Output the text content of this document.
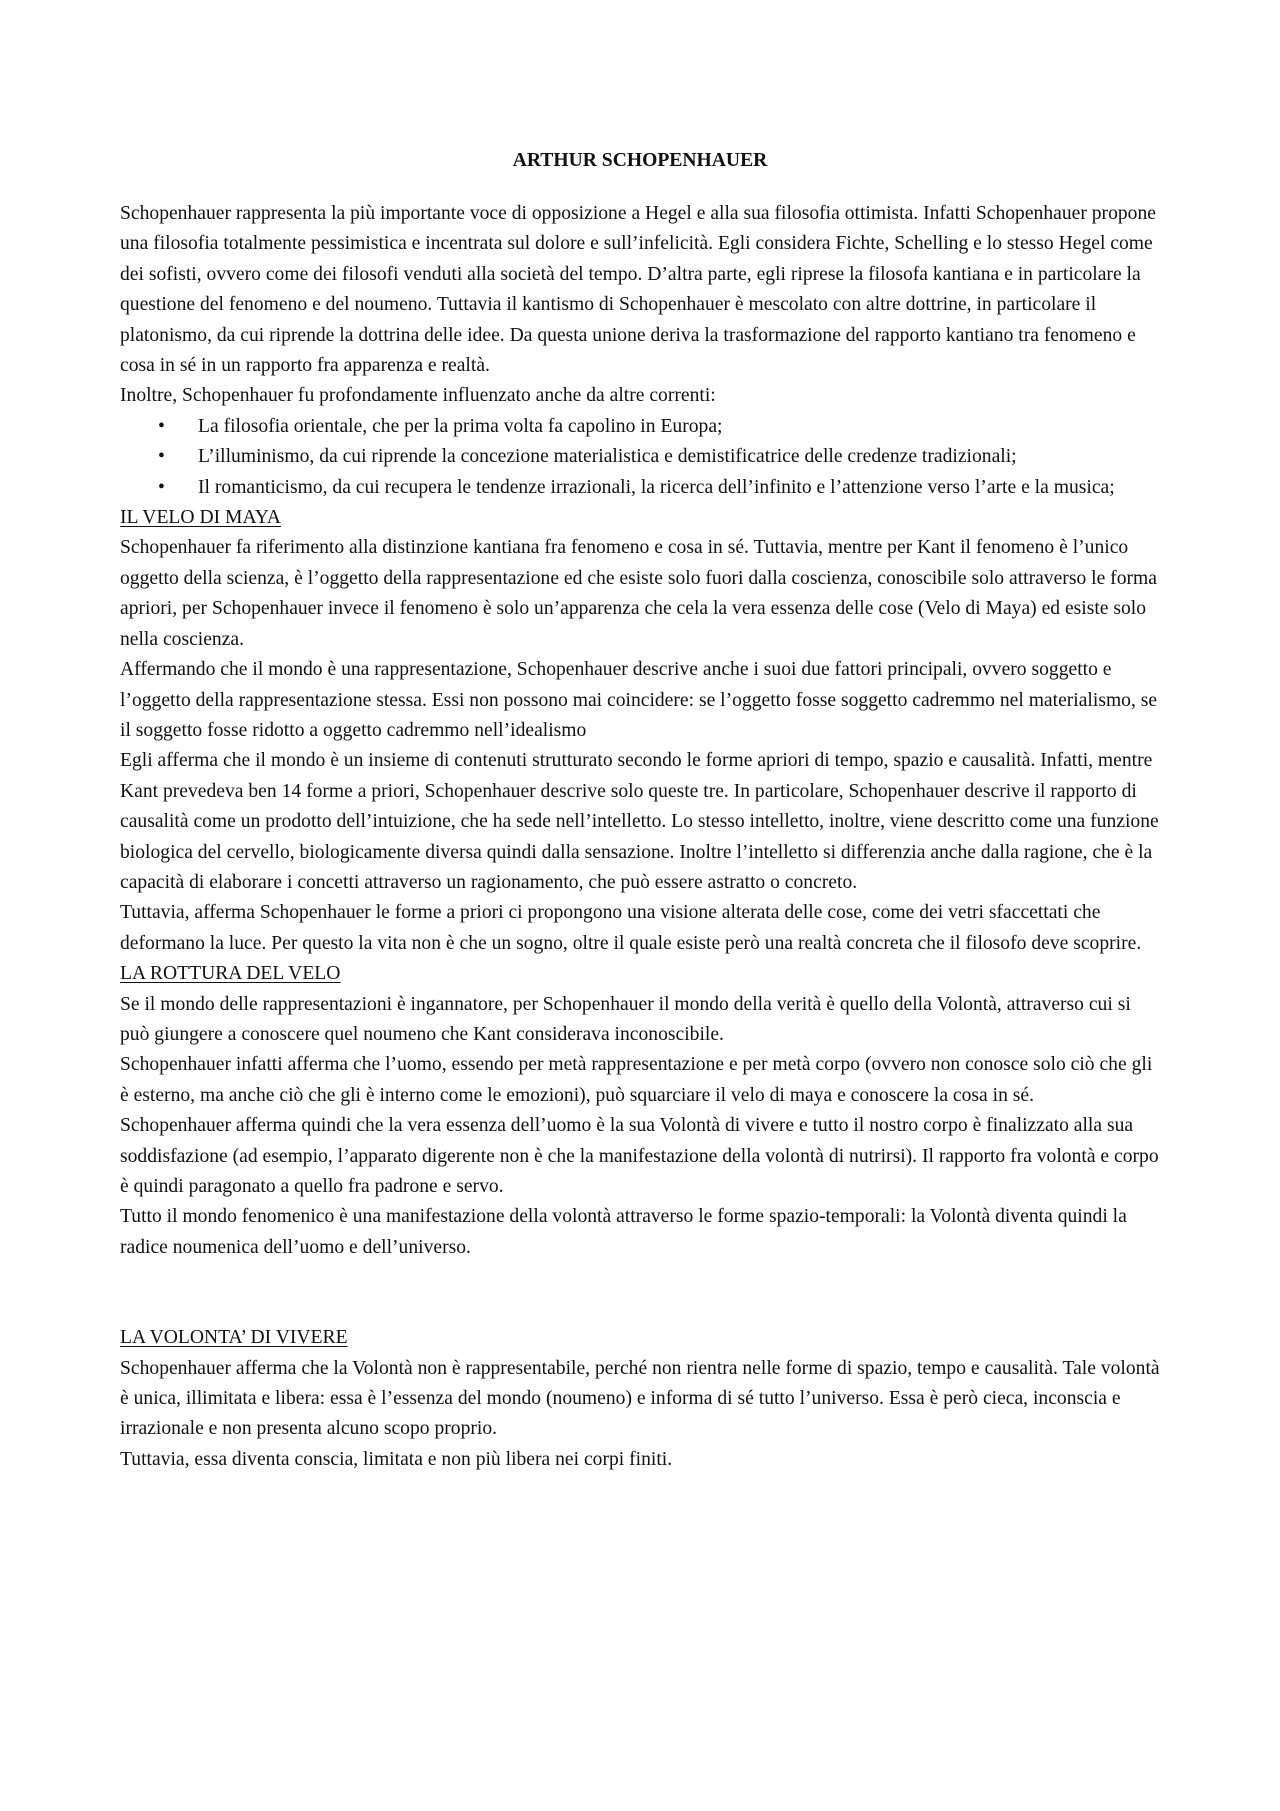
ARTHUR SCHOPENHAUER

Schopenhauer rappresenta la più importante voce di opposizione a Hegel e alla sua filosofia ottimista. Infatti Schopenhauer propone una filosofia totalmente pessimistica e incentrata sul dolore e sull’infelicità. Egli considera Fichte, Schelling e lo stesso Hegel come dei sofisti, ovvero come dei filosofi venduti alla società del tempo. D’altra parte, egli riprese la filosofa kantiana e in particolare la questione del fenomeno e del noumeno. Tuttavia il kantismo di Schopenhauer è mescolato con altre dottrine, in particolare il platonismo, da cui riprende la dottrina delle idee. Da questa unione deriva la trasformazione del rapporto kantiano tra fenomeno e cosa in sé in un rapporto fra apparenza e realtà.

Inoltre, Schopenhauer fu profondamente influenzato anche da altre correnti:

• La filosofia orientale, che per la prima volta fa capolino in Europa;
• L’illuminismo, da cui riprende la concezione materialistica e demistificatrice delle credenze tradizionali;
• Il romanticismo, da cui recupera le tendenze irrazionali, la ricerca dell’infinito e l’attenzione verso l’arte e la musica;
IL VELO DI MAYA

Schopenhauer fa riferimento alla distinzione kantiana fra fenomeno e cosa in sé. Tuttavia, mentre per Kant il fenomeno è l’unico oggetto della scienza, è l’oggetto della rappresentazione ed che esiste solo fuori dalla coscienza, conoscibile solo attraverso le forma apriori, per Schopenhauer invece il fenomeno è solo un’apparenza che cela la vera essenza delle cose (Velo di Maya) ed esiste solo nella coscienza.

Affermando che il mondo è una rappresentazione, Schopenhauer descrive anche i suoi due fattori principali, ovvero soggetto e l’oggetto della rappresentazione stessa. Essi non possono mai coincidere: se l’oggetto fosse soggetto cadremmo nel materialismo, se il soggetto fosse ridotto a oggetto cadremmo nell’idealismo

Egli afferma che il mondo è un insieme di contenuti strutturato secondo le forme apriori di tempo, spazio e causalità. Infatti, mentre Kant prevedeva ben 14 forme a priori, Schopenhauer descrive solo queste tre. In particolare, Schopenhauer descrive il rapporto di causalità come un prodotto dell’intuizione, che ha sede nell’intelletto. Lo stesso intelletto, inoltre, viene descritto come una funzione biologica del cervello, biologicamente diversa quindi dalla sensazione. Inoltre l’intelletto si differenzia anche dalla ragione, che è la capacità di elaborare i concetti attraverso un ragionamento, che può essere astratto o concreto.

Tuttavia, afferma Schopenhauer le forme a priori ci propongono una visione alterata delle cose, come dei vetri sfaccettati che deformano la luce. Per questo la vita non è che un sogno, oltre il quale esiste però una realtà concreta che il filosofo deve scoprire.

LA ROTTURA DEL VELO

Se il mondo delle rappresentazioni è ingannatore, per Schopenhauer il mondo della verità è quello della Volontà, attraverso cui si può giungere a conoscere quel noumeno che Kant considerava inconoscibile.

Schopenhauer infatti afferma che l’uomo, essendo per metà rappresentazione e per metà corpo (ovvero non conosce solo ciò che gli è esterno, ma anche ciò che gli è interno come le emozioni), può squarciare il velo di maya e conoscere la cosa in sé.

Schopenhauer afferma quindi che la vera essenza dell’uomo è la sua Volontà di vivere e tutto il nostro corpo è finalizzato alla sua soddisfazione (ad esempio, l’apparato digerente non è che la manifestazione della volontà di nutrirsi). Il rapporto fra volontà e corpo è quindi paragonato a quello fra padrone e servo.

Tutto il mondo fenomenico è una manifestazione della volontà attraverso le forme spazio-temporali: la Volontà diventa quindi la radice noumenica dell’uomo e dell’universo.

LA VOLONTA’ DI VIVERE

Schopenhauer afferma che la Volontà non è rappresentabile, perché non rientra nelle forme di spazio, tempo e causalità. Tale volontà è unica, illimitata e libera: essa è l’essenza del mondo (noumeno) e informa di sé tutto l’universo. Essa è però cieca, inconscia e irrazionale e non presenta alcuno scopo proprio.

Tuttavia, essa diventa conscia, limitata e non più libera nei corpi finiti.
